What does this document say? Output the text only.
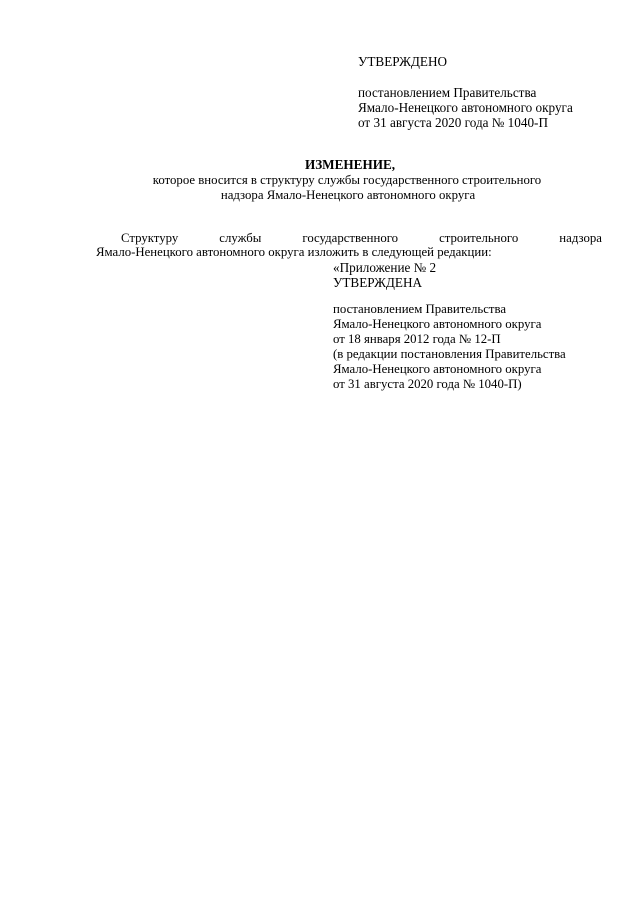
УТВЕРЖДЕНО
постановлением Правительства
Ямало-Ненецкого автономного округа
от 31 августа 2020 года № 1040-П
ИЗМЕНЕНИЕ,
которое вносится в структуру службы государственного строительного
надзора Ямало-Ненецкого автономного округа
Структуру	службы	государственного	строительного	надзора
Ямало-Ненецкого автономного округа изложить в следующей редакции:
«Приложение № 2
УТВЕРЖДЕНА
постановлением Правительства
Ямало-Ненецкого автономного округа
от 18 января 2012 года № 12-П
(в редакции постановления Правительства
Ямало-Ненецкого автономного округа
от 31 августа 2020 года № 1040-П)
